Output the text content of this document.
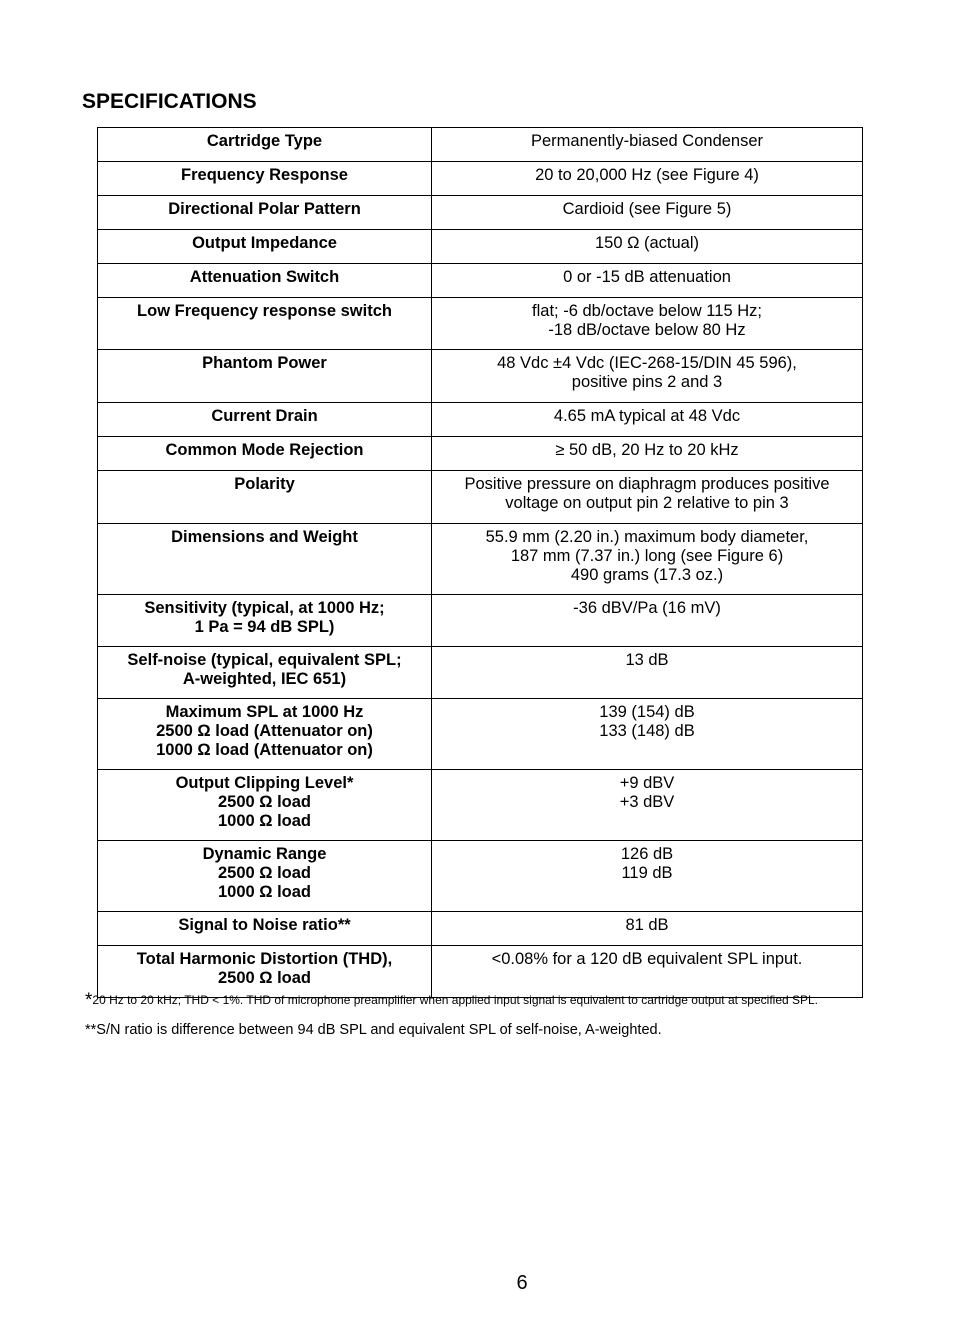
SPECIFICATIONS
Cartridge Type	Permanently-biased Condenser
Frequency Response	20 to 20,000 Hz (see Figure 4)
Directional Polar Pattern	Cardioid (see Figure 5)
Output Impedance	150 Ω (actual)
Attenuation Switch	0 or -15 dB attenuation
Low Frequency response switch	flat; -6 db/octave below 115 Hz;
-18 dB/octave below 80 Hz
Phantom Power	48 Vdc ±4 Vdc (IEC-268-15/DIN 45 596),
positive pins 2 and 3
Current Drain	4.65 mA typical at 48 Vdc
Common Mode Rejection	≥ 50 dB, 20 Hz to 20 kHz
Polarity	Positive pressure on diaphragm produces positive
voltage on output pin 2 relative to pin 3
Dimensions and Weight	55.9 mm (2.20 in.) maximum body diameter,
187 mm (7.37 in.) long (see Figure 6)
490 grams (17.3 oz.)
Sensitivity (typical, at 1000 Hz;
1 Pa = 94 dB SPL)	-36 dBV/Pa (16 mV)
Self-noise (typical, equivalent SPL;
A-weighted, IEC 651)	13 dB
Maximum SPL at 1000 Hz
2500 Ω load (Attenuator on)
1000 Ω load (Attenuator on)	139 (154) dB
133 (148) dB
Output Clipping Level*
2500 Ω load
1000 Ω load	+9 dBV
+3 dBV
Dynamic Range
2500 Ω load
1000 Ω load	126 dB
119 dB
Signal to Noise ratio**	81 dB
Total Harmonic Distortion (THD),
2500 Ω load	<0.08% for a 120 dB equivalent SPL input.
*20 Hz to 20 kHz; THD < 1%. THD of microphone preamplifier when applied input signal is equivalent to cartridge output at specified SPL.
**S/N ratio is difference between 94 dB SPL and equivalent SPL of self-noise, A-weighted.
6
